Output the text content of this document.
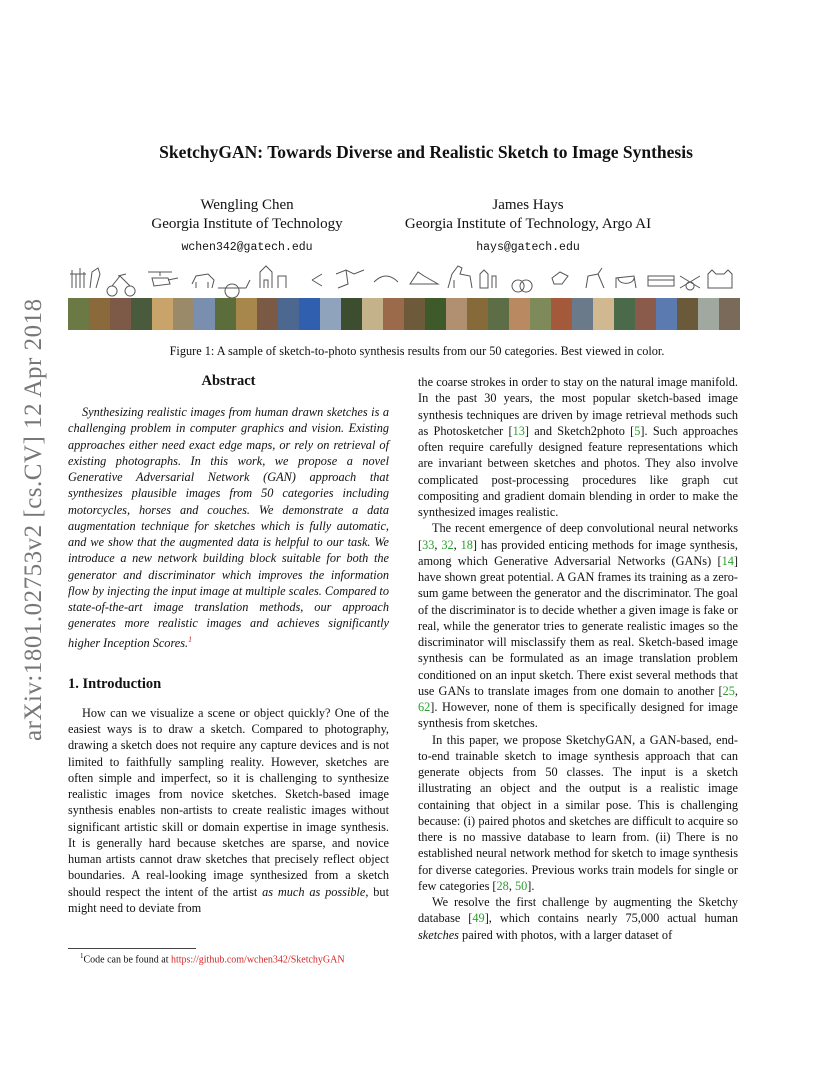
arXiv:1801.02753v2 [cs.CV] 12 Apr 2018
SketchyGAN: Towards Diverse and Realistic Sketch to Image Synthesis
Wengling Chen
Georgia Institute of Technology
wchen342@gatech.edu
James Hays
Georgia Institute of Technology, Argo AI
hays@gatech.edu
Figure 1: A sample of sketch-to-photo synthesis results from our 50 categories. Best viewed in color.
Abstract

Synthesizing realistic images from human drawn sketches is a challenging problem in computer graphics and vision. Existing approaches either need exact edge maps, or rely on retrieval of existing photographs. In this work, we propose a novel Generative Adversarial Network (GAN) approach that synthesizes plausible images from 50 categories including motorcycles, horses and couches. We demonstrate a data augmentation technique for sketches which is fully automatic, and we show that the augmented data is helpful to our task. We introduce a new network building block suitable for both the generator and discriminator which improves the information flow by injecting the input image at multiple scales. Compared to state-of-the-art image translation methods, our approach generates more realistic images and achieves significantly higher Inception Scores.$^1$

1. Introduction

How can we visualize a scene or object quickly? One of the easiest ways is to draw a sketch. Compared to photography, drawing a sketch does not require any capture devices and is not limited to faithfully sampling reality. However, sketches are often simple and imperfect, so it is challenging to synthesize realistic images from novice sketches. Sketch-based image synthesis enables non-artists to create realistic images without significant artistic skill or domain expertise in image synthesis. It is generally hard because sketches are sparse, and novice human artists cannot draw sketches that precisely reflect object boundaries. A real-looking image synthesized from a sketch should respect the intent of the artist as much as possible, but might need to deviate from

the coarse strokes in order to stay on the natural image manifold. In the past 30 years, the most popular sketch-based image synthesis techniques are driven by image retrieval methods such as Photosketcher [13] and Sketch2photo [5]. Such approaches often require carefully designed feature representations which are invariant between sketches and photos. They also involve complicated post-processing procedures like graph cut compositing and gradient domain blending in order to make the synthesized images realistic.

The recent emergence of deep convolutional neural networks [33, 32, 18] has provided enticing methods for image synthesis, among which Generative Adversarial Networks (GANs) [14] have shown great potential. A GAN frames its training as a zero-sum game between the generator and the discriminator. The goal of the discriminator is to decide whether a given image is fake or real, while the generator tries to generate realistic images so the discriminator will misclassify them as real. Sketch-based image synthesis can be formulated as an image translation problem conditioned on an input sketch. There exist several methods that use GANs to translate images from one domain to another [25, 62]. However, none of them is specifically designed for image synthesis from sketches.

In this paper, we propose SketchyGAN, a GAN-based, end-to-end trainable sketch to image synthesis approach that can generate objects from 50 classes. The input is a sketch illustrating an object and the output is a realistic image containing that object in a similar pose. This is challenging because: (i) paired photos and sketches are difficult to acquire so there is no massive database to learn from. (ii) There is no established neural network method for sketch to image synthesis for diverse categories. Previous works train models for single or few categories [28, 50].

We resolve the first challenge by augmenting the Sketchy database [49], which contains nearly 75,000 actual human sketches paired with photos, with a larger dataset of

$^1$Code can be found at https://github.com/wchen342/SketchyGAN
